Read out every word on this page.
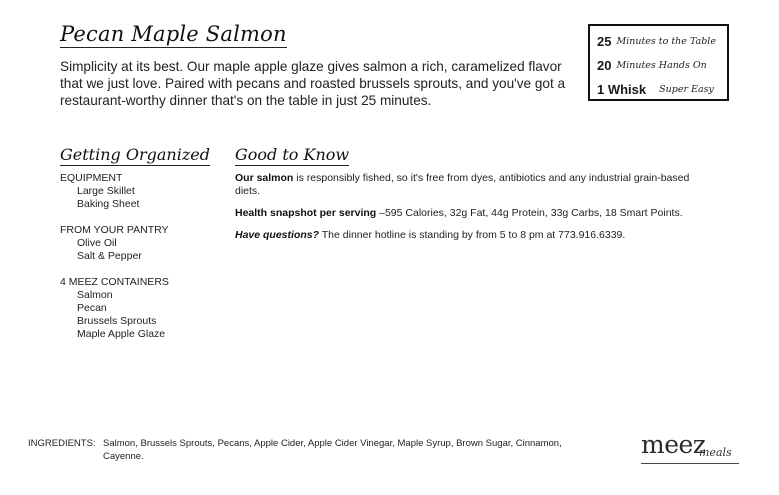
Pecan Maple Salmon
Simplicity at its best. Our maple apple glaze gives salmon a rich, caramelized flavor that we just love. Paired with pecans and roasted brussels sprouts, and you've got a restaurant-worthy dinner that's on the table in just 25 minutes.
25 Minutes to the Table
20 Minutes Hands On
1 Whisk Super Easy
Getting Organized
EQUIPMENT
Large Skillet
Baking Sheet
FROM YOUR PANTRY
Olive Oil
Salt & Pepper
4 MEEZ CONTAINERS
Salmon
Pecan
Brussels Sprouts
Maple Apple Glaze
Good to Know

Our salmon is responsibly fished, so it's free from dyes, antibiotics and any industrial grain-based diets.

Health snapshot per serving –595 Calories, 32g Fat, 44g Protein, 33g Carbs, 18 Smart Points.

Have questions? The dinner hotline is standing by from 5 to 8 pm at 773.916.6339.

INGREDIENTS: Salmon, Brussels Sprouts, Pecans, Apple Cider, Apple Cider Vinegar, Maple Syrup, Brown Sugar, Cinnamon, Cayenne.	meez
meals
